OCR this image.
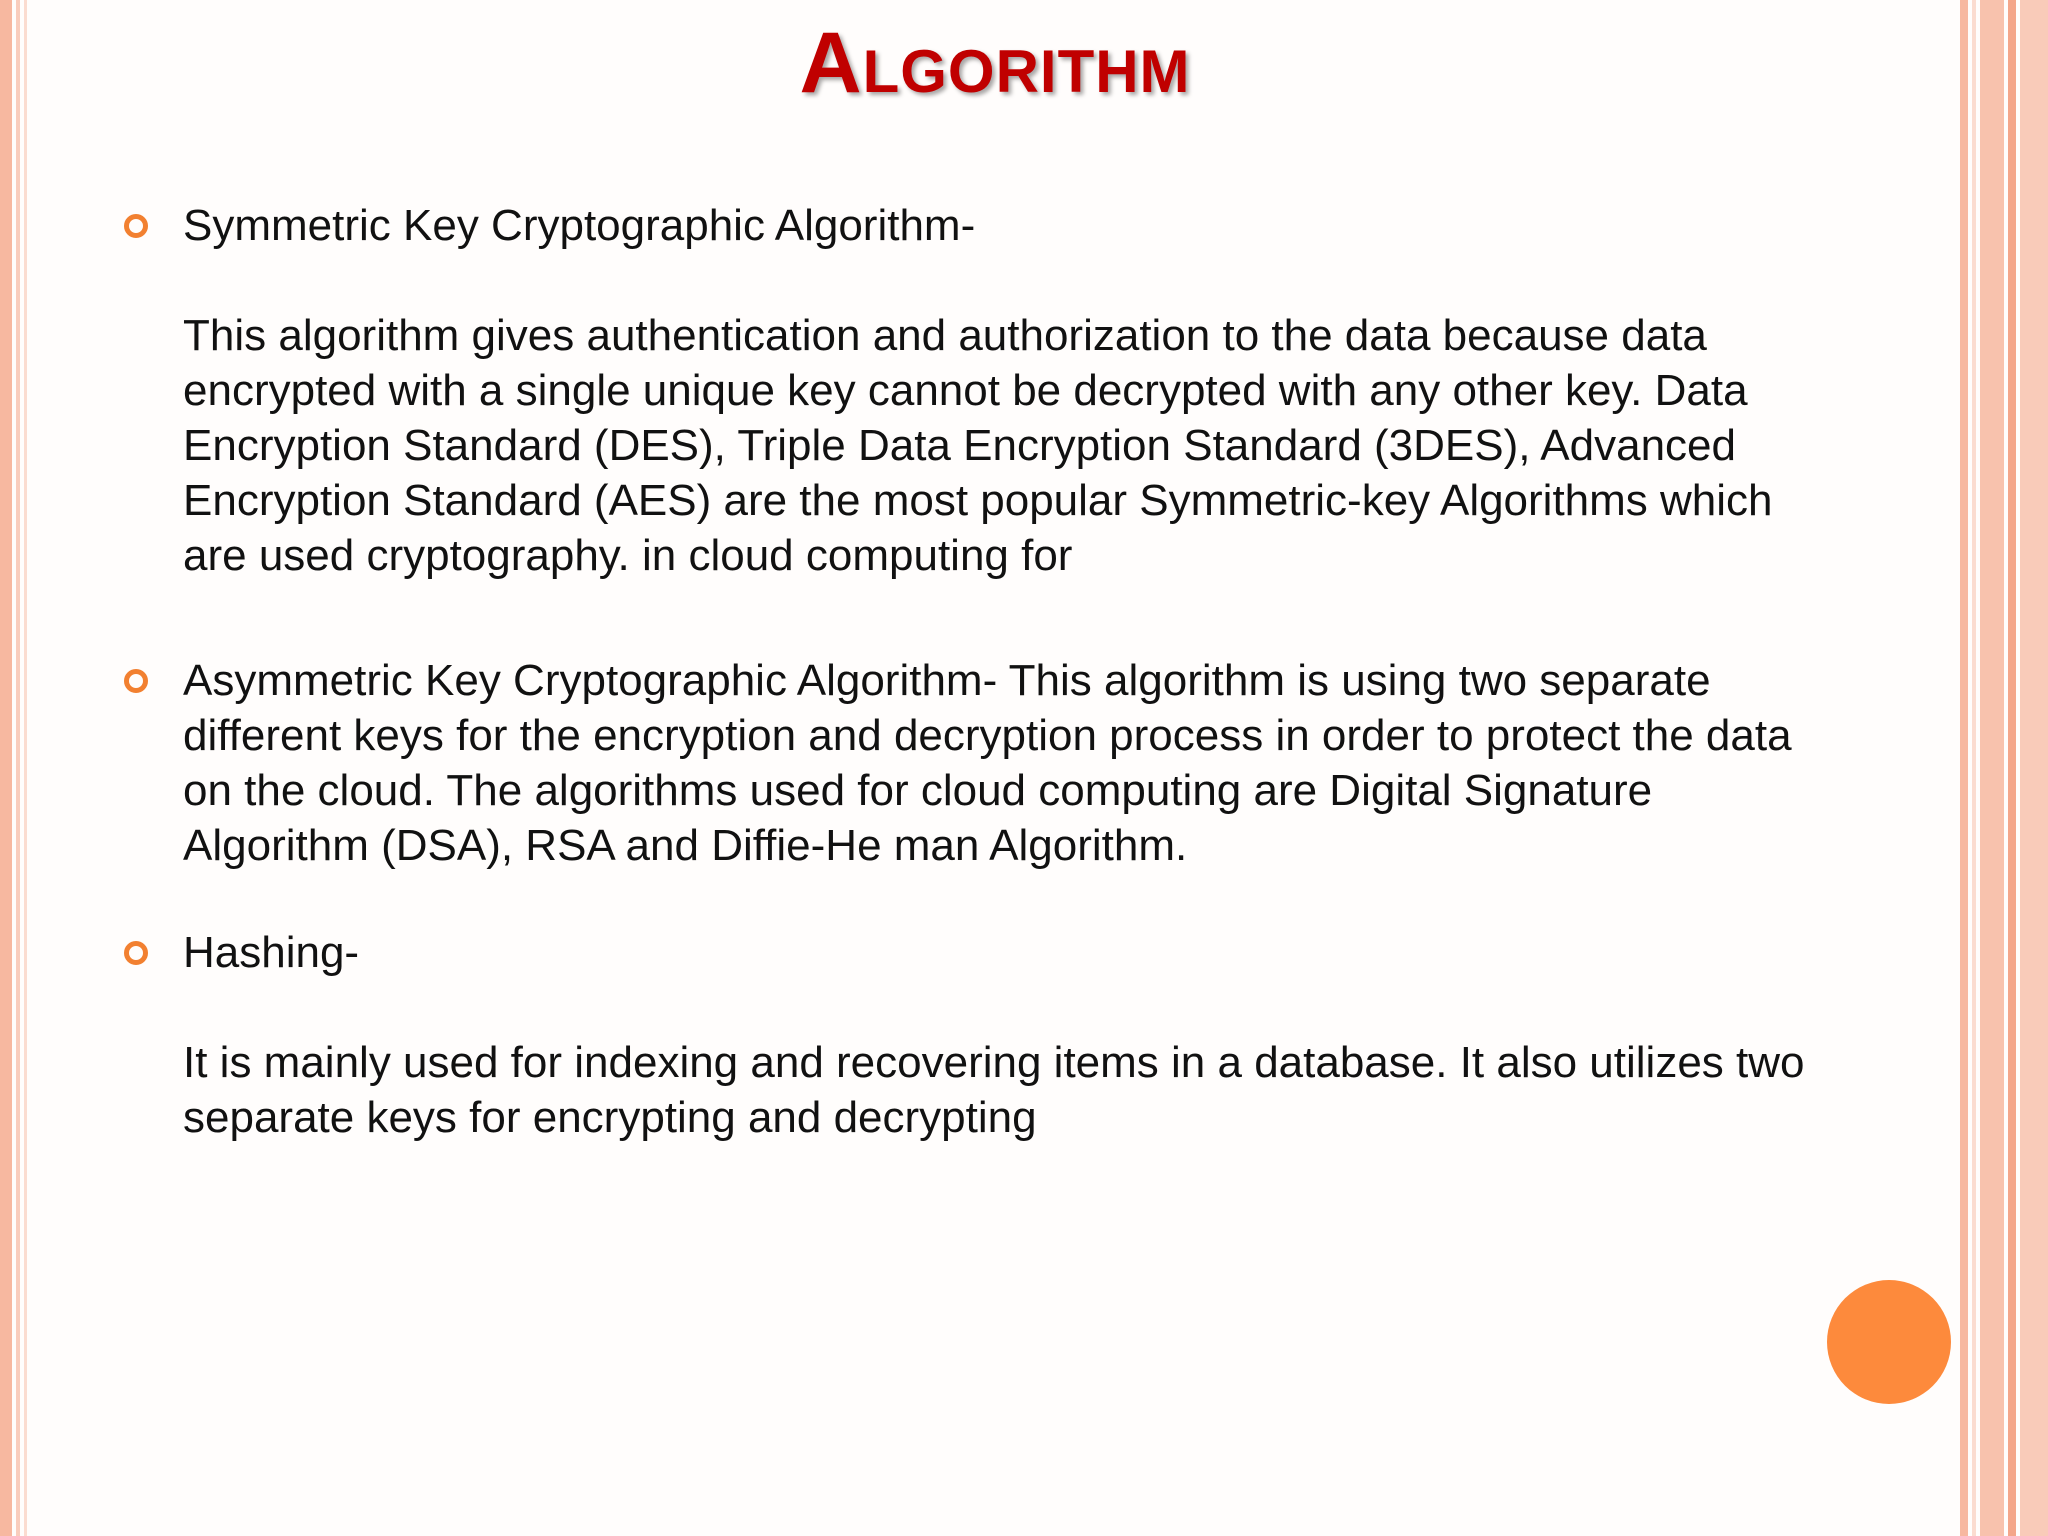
Algorithm
Symmetric Key Cryptographic Algorithm-
This algorithm gives authentication and authorization to the data because data
encrypted with a single unique key cannot be decrypted with any other key. Data
Encryption Standard (DES), Triple Data Encryption Standard (3DES), Advanced
Encryption Standard (AES) are the most popular Symmetric-key Algorithms which
are used cryptography. in cloud computing for
Asymmetric Key Cryptographic Algorithm- This algorithm is using two separate
different keys for the encryption and decryption process in order to protect the data
on the cloud. The algorithms used for cloud computing are Digital Signature
Algorithm (DSA), RSA and Diffie-He man Algorithm.
Hashing-
It is mainly used for indexing and recovering items in a database. It also utilizes two
separate keys for encrypting and decrypting
